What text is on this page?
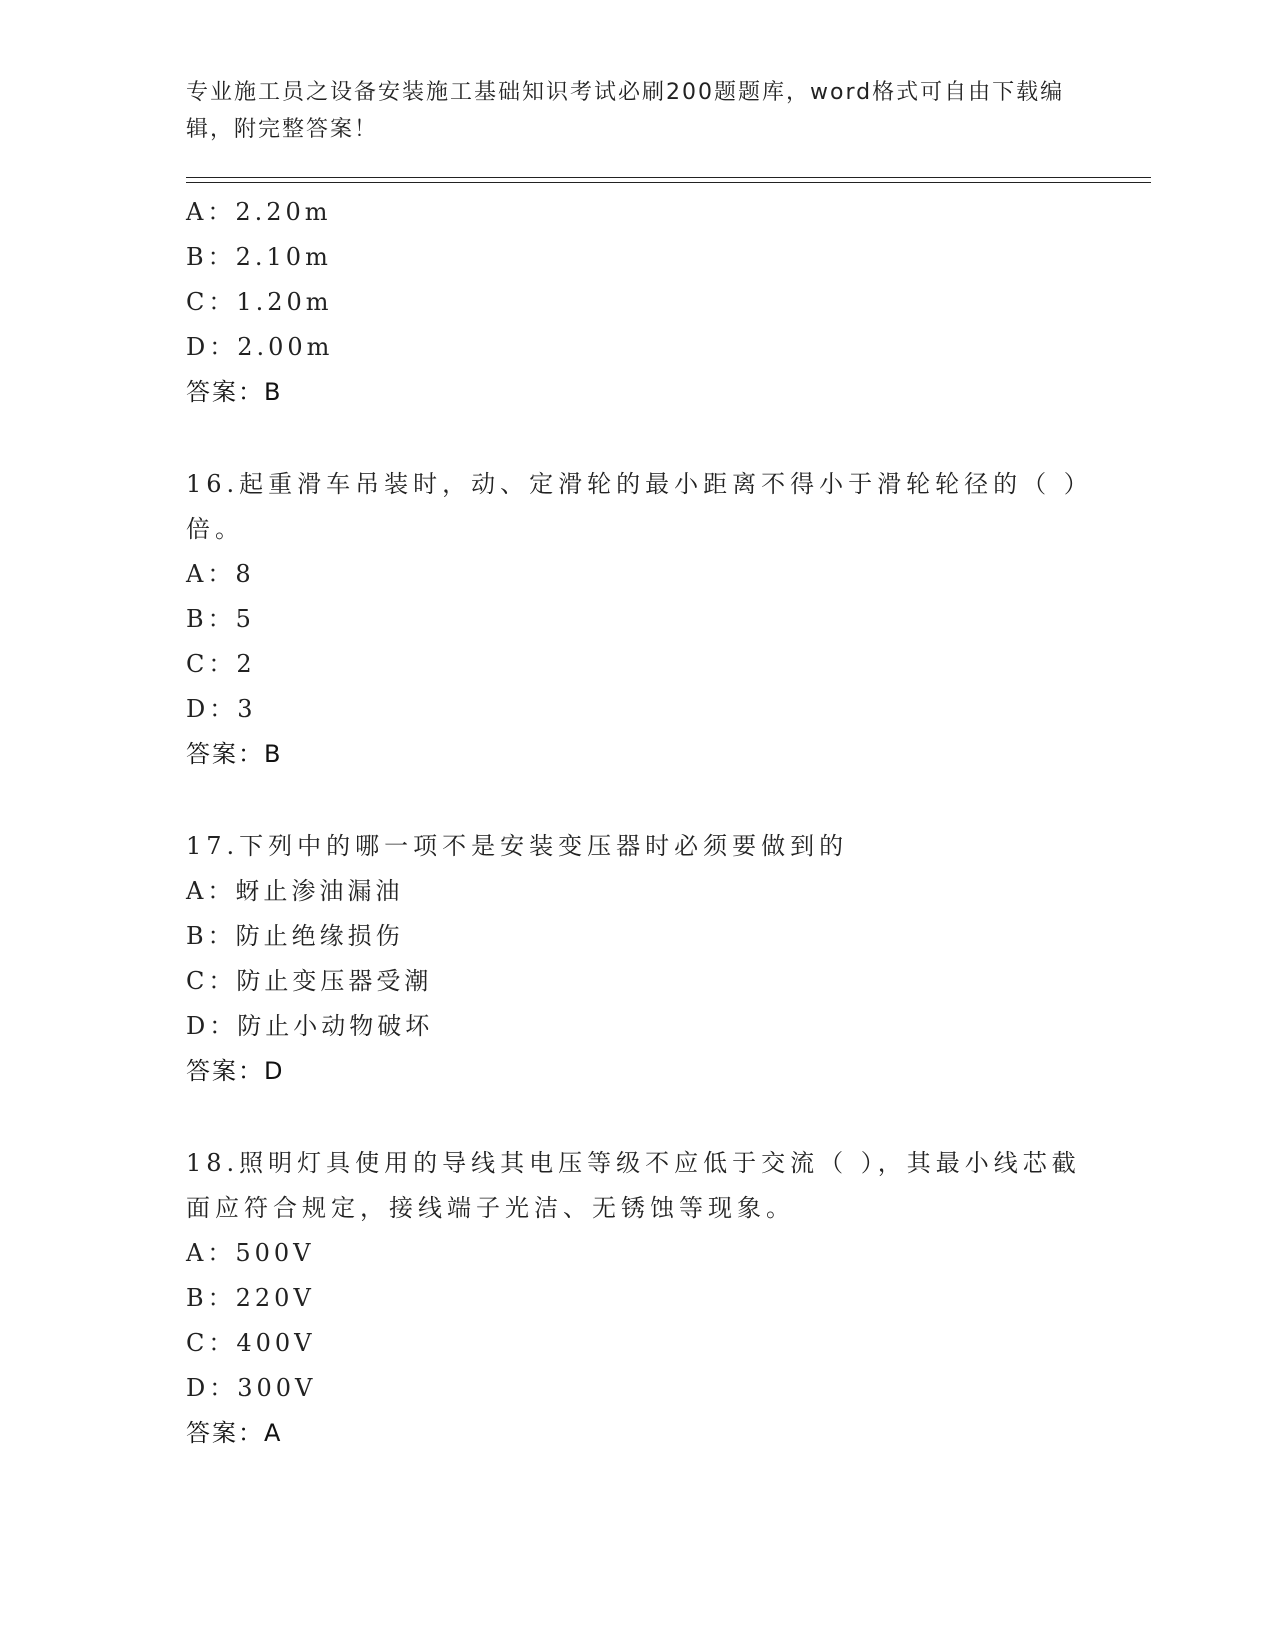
专业施工员之设备安装施工基础知识考试必刷200题题库，word格式可自由下载编辑，附完整答案！
A：2.20m
B：2.10m
C：1.20m
D：2.00m
答案：B
16.起重滑车吊装时，动、定滑轮的最小距离不得小于滑轮轮径的（ ）倍。
A：8
B：5
C：2
D：3
答案：B
17.下列中的哪一项不是安装变压器时必须要做到的
A：蚜止渗油漏油
B：防止绝缘损伤
C：防止变压器受潮
D：防止小动物破坏
答案：D
18.照明灯具使用的导线其电压等级不应低于交流（ ），其最小线芯截面应符合规定，接线端子光洁、无锈蚀等现象。
A：500V
B：220V
C：400V
D：300V
答案：A
